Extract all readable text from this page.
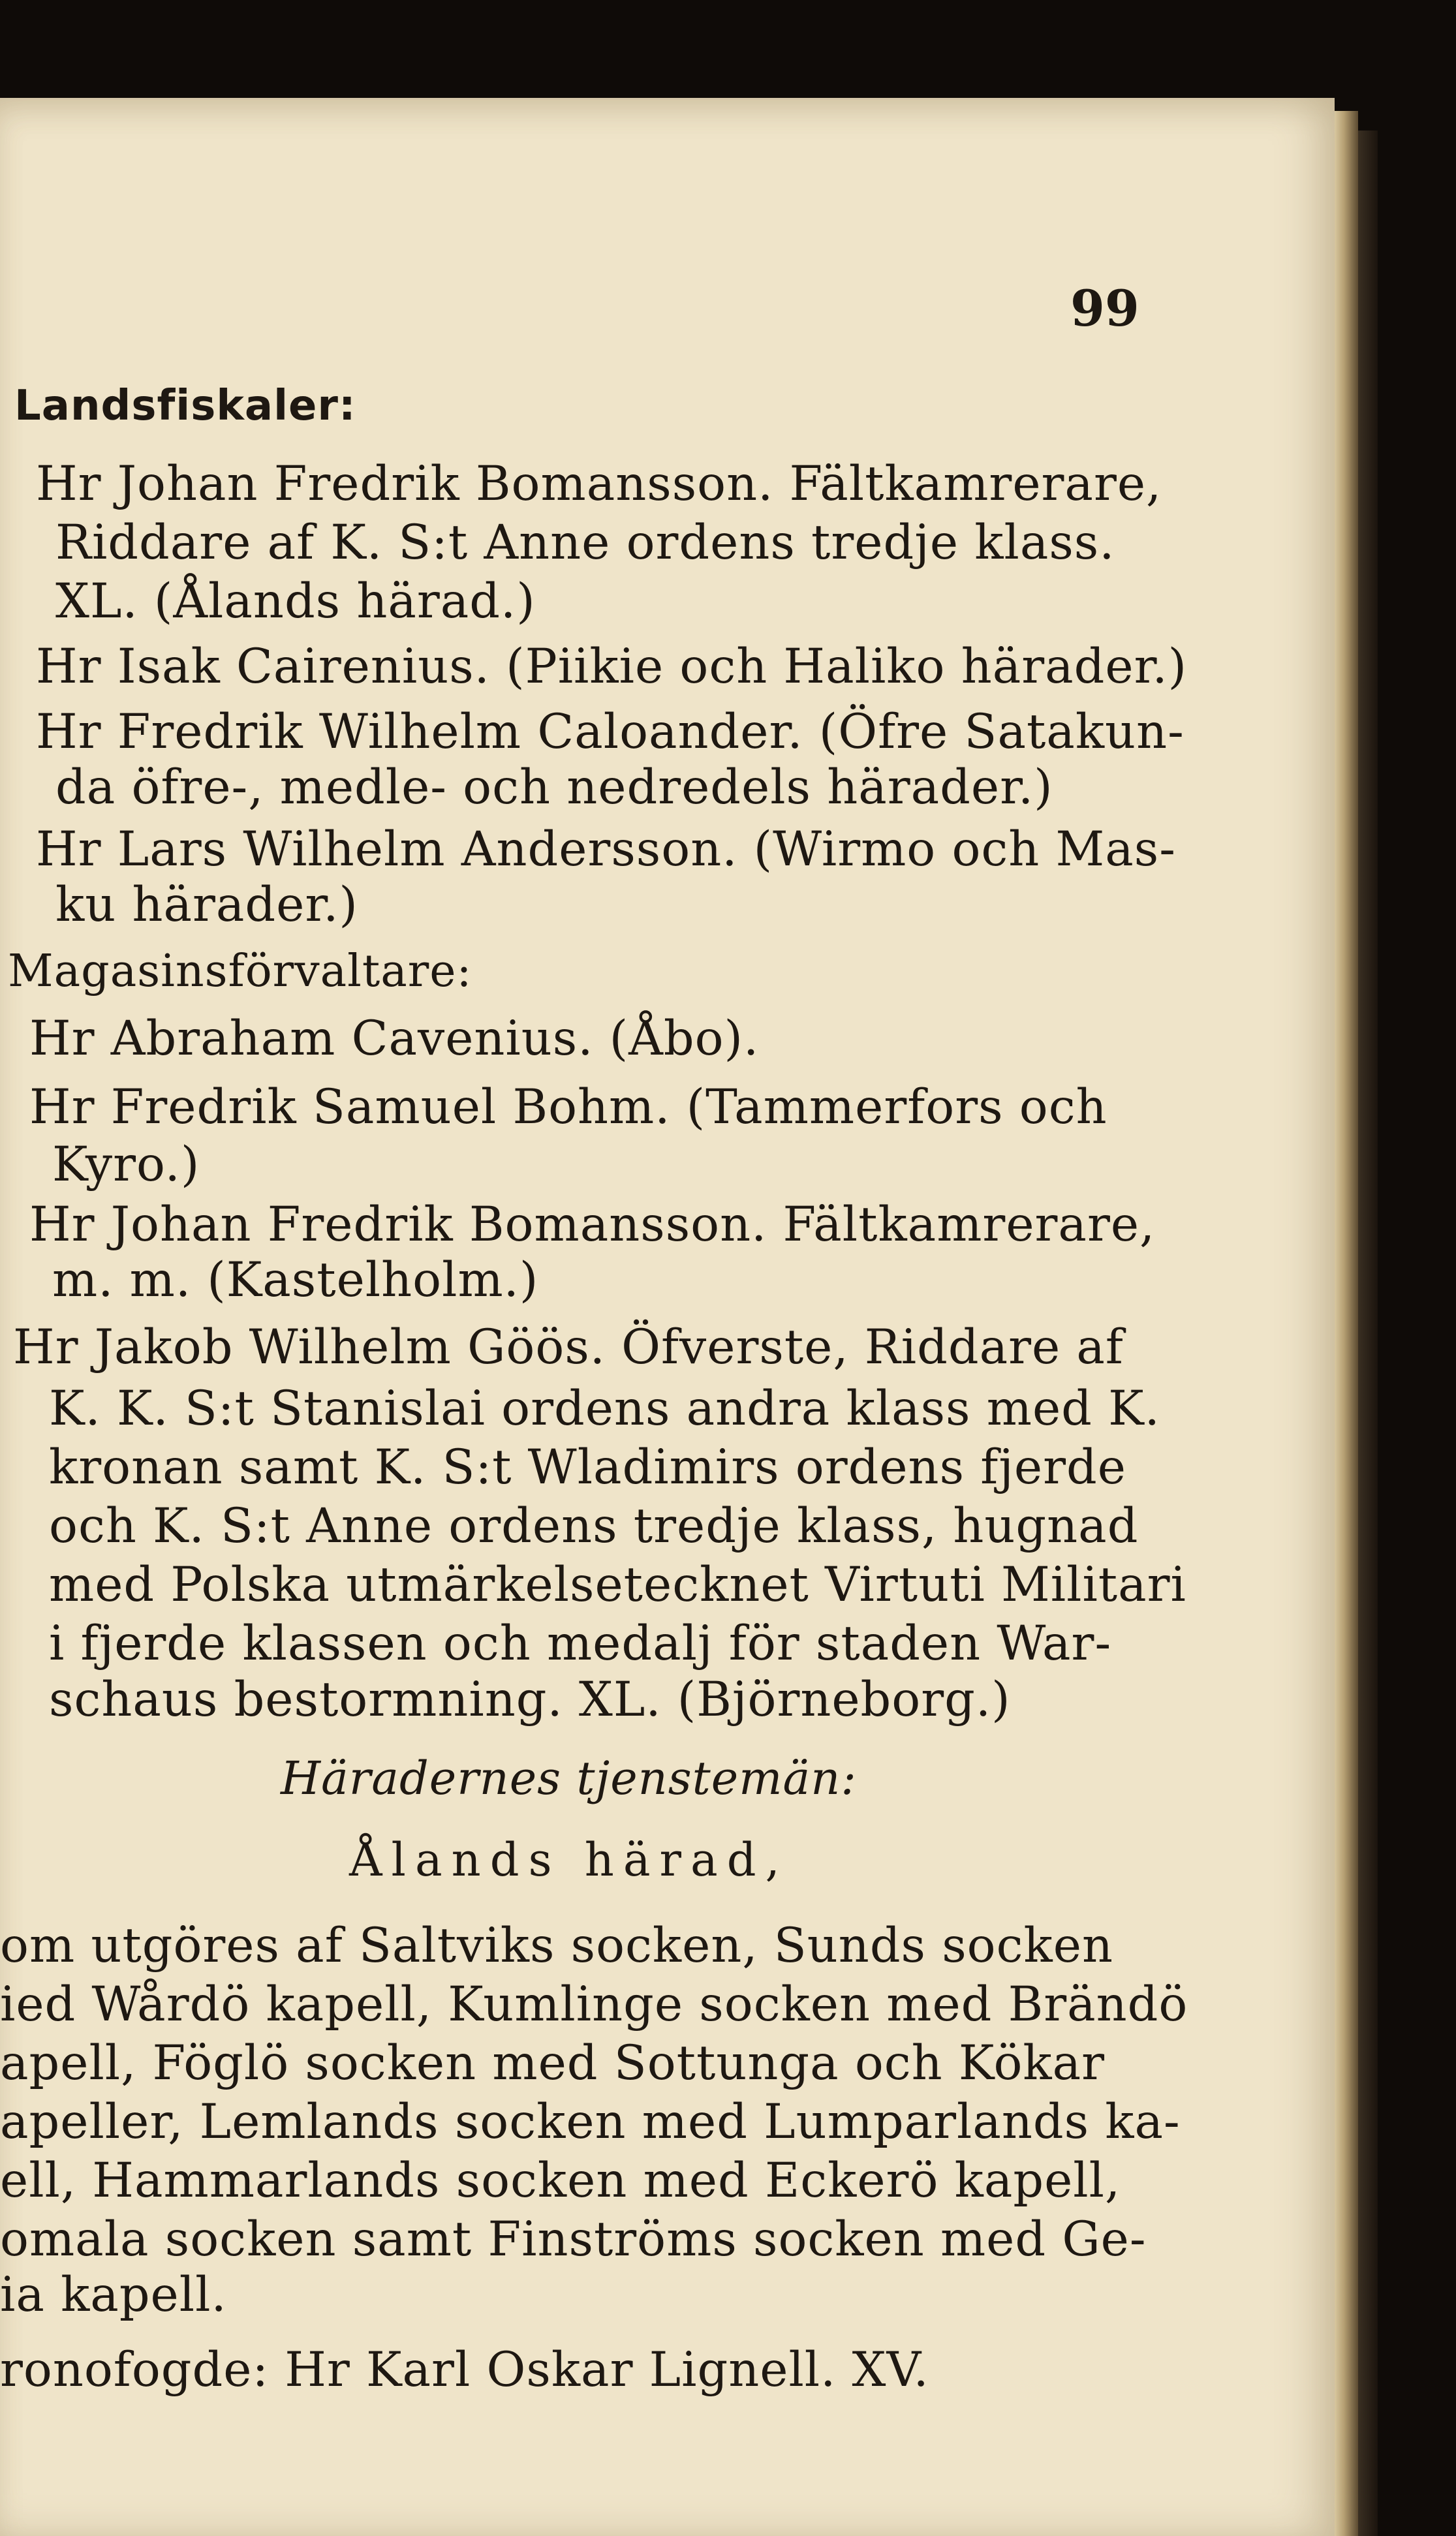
99
Landsfiskaler:
Hr Johan Fredrik Bomansson. Fältkamrerare,
Riddare af K. S:t Anne ordens tredje klass.
XL. (Ålands härad.)
Hr Isak Cairenius. (Piikie och Haliko härader.)
Hr Fredrik Wilhelm Caloander. (Öfre Satakun-
da öfre-, medle- och nedredels härader.)
Hr Lars Wilhelm Andersson. (Wirmo och Mas-
ku härader.)
Magasinsförvaltare:
Hr Abraham Cavenius. (Åbo).
Hr Fredrik Samuel Bohm. (Tammerfors och
Kyro.)
Hr Johan Fredrik Bomansson. Fältkamrerare,
m. m. (Kastelholm.)
Hr Jakob Wilhelm Göös. Öfverste, Riddare af
K. K. S:t Stanislai ordens andra klass med K.
kronan samt K. S:t Wladimirs ordens fjerde
och K. S:t Anne ordens tredje klass, hugnad
med Polska utmärkelsetecknet Virtuti Militari
i fjerde klassen och medalj för staden War-
schaus bestormning. XL. (Björneborg.)
Häradernes tjenstemän:
Ålands härad,
om utgöres af Saltviks socken, Sunds socken
ied Wårdö kapell, Kumlinge socken med Brändö
apell, Föglö socken med Sottunga och Kökar
apeller, Lemlands socken med Lumparlands ka-
ell, Hammarlands socken med Eckerö kapell,
omala socken samt Finströms socken med Ge-
ia kapell.
ronofogde: Hr Karl Oskar Lignell. XV.
